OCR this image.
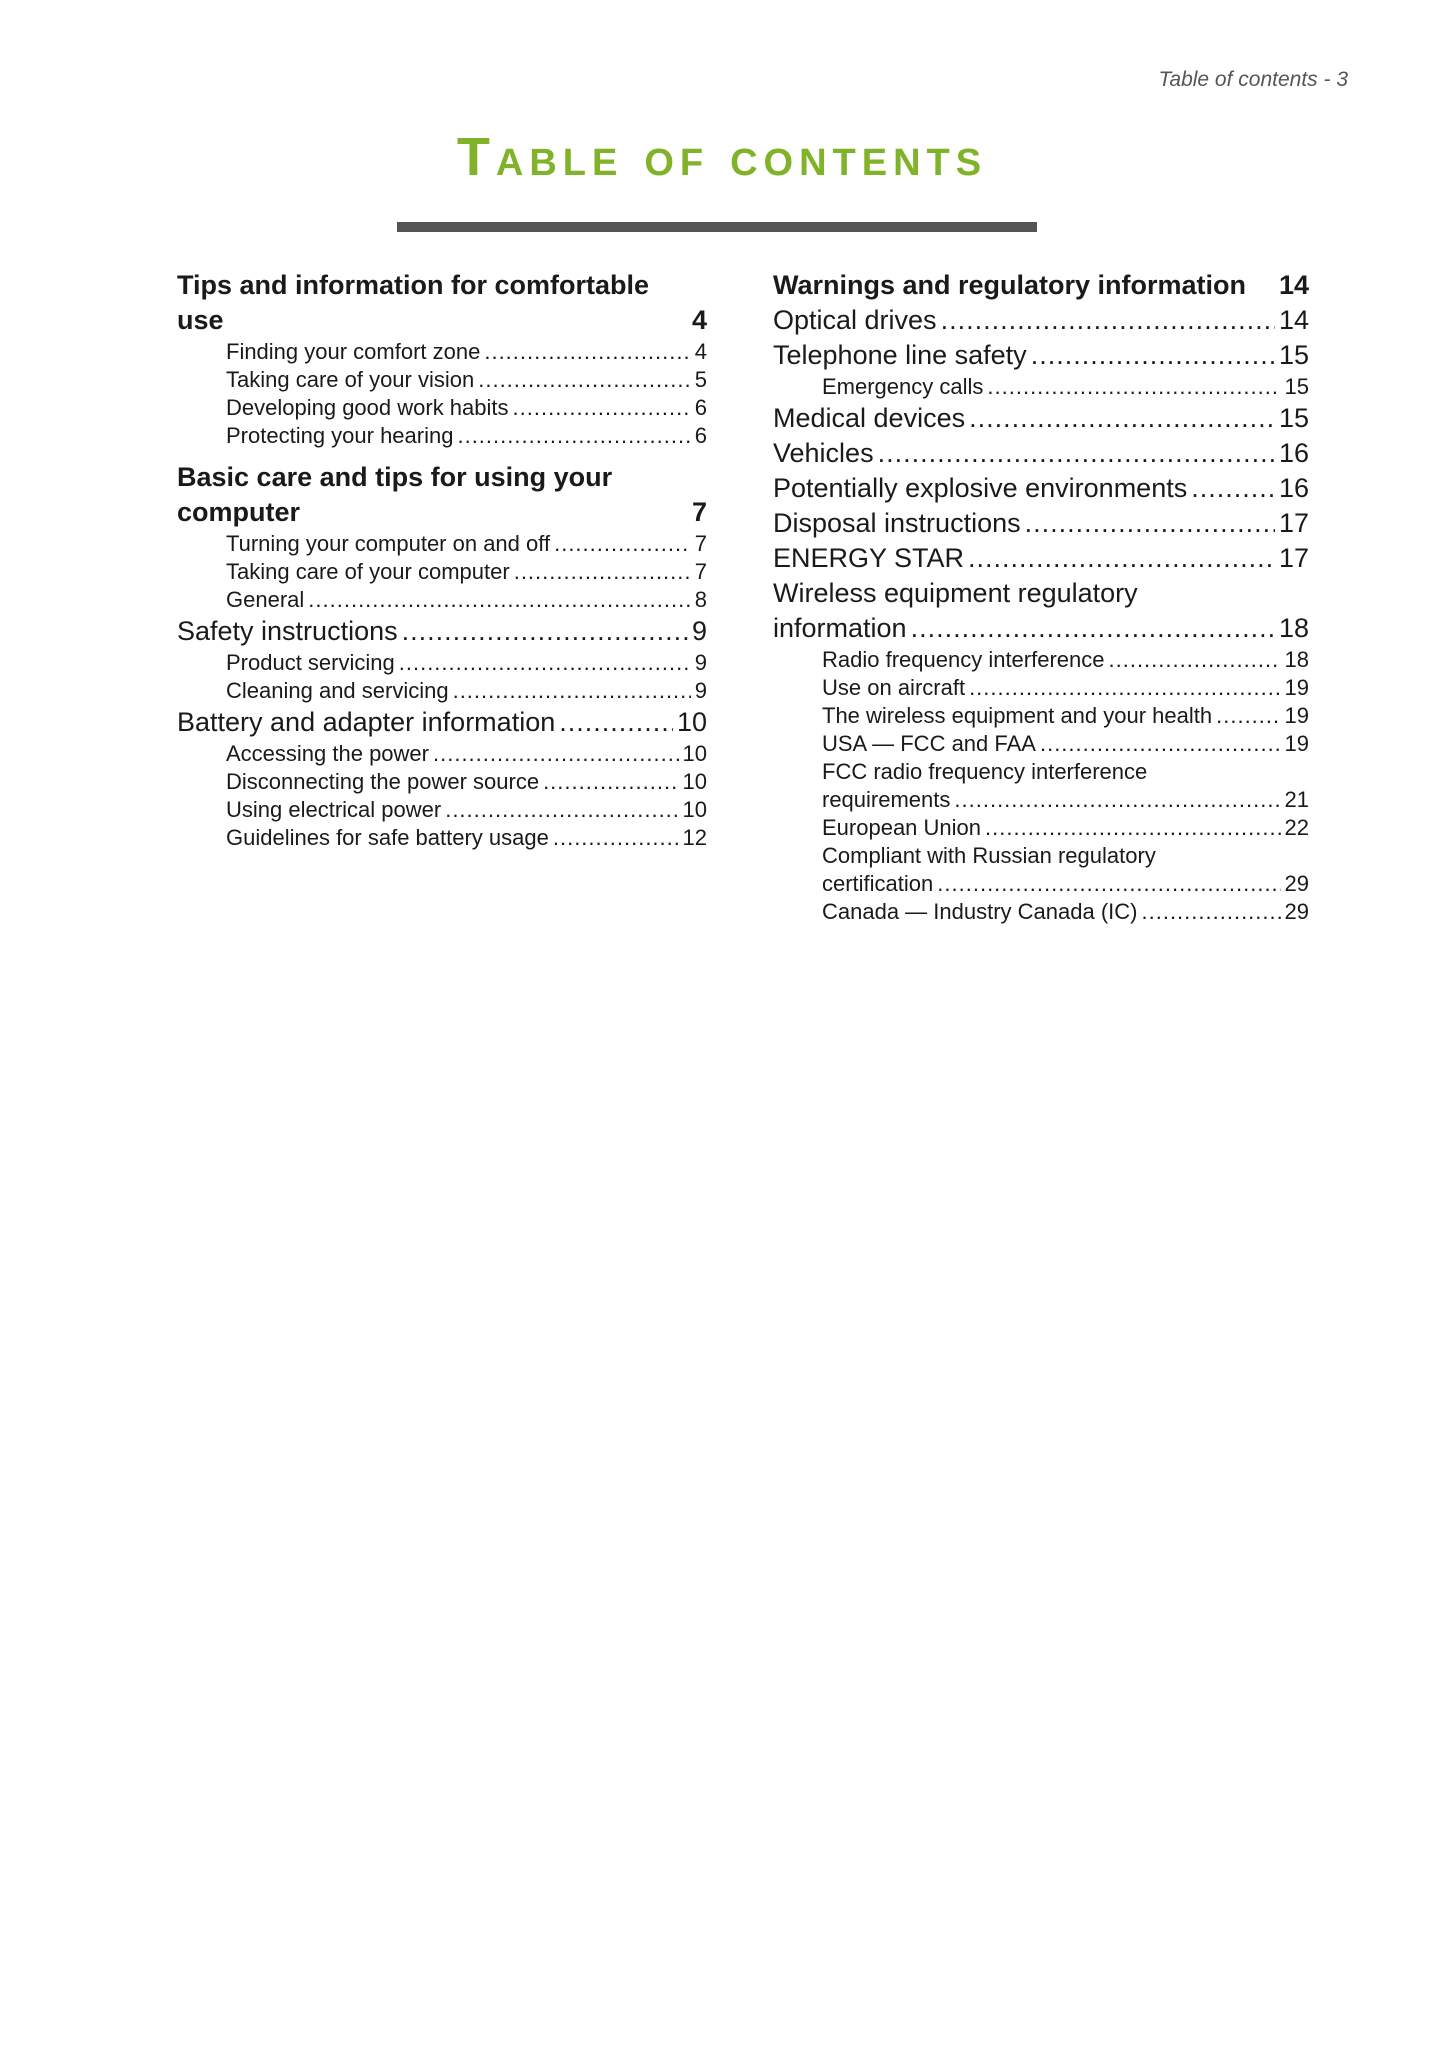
Table of contents - 3
Table of contents
Tips and information for comfortable
use	4
Finding your comfort zone .....	4
Taking care of your vision .....	5
Developing good work habits .....	6
Protecting your hearing .....	6
Basic care and tips for using your
computer	7
Turning your computer on and off .....	7
Taking care of your computer .....	7
General .....	8
Safety instructions .....	9
Product servicing .....	9
Cleaning and servicing .....	9
Battery and adapter information .....	10
Accessing the power .....	10
Disconnecting the power source .....	10
Using electrical power .....	10
Guidelines for safe battery usage .....	12
Warnings and regulatory information 14
Optical drives .....	14
Telephone line safety .....	15
Emergency calls .....	15
Medical devices .....	15
Vehicles .....	16
Potentially explosive environments .....	16
Disposal instructions .....	17
ENERGY STAR .....	17
Wireless equipment regulatory
information .....	18
Radio frequency interference .....	18
Use on aircraft .....	19
The wireless equipment and your health .....	19
USA — FCC and FAA .....	19
FCC radio frequency interference
requirements .....	21
European Union .....	22
Compliant with Russian regulatory
certification .....	29
Canada — Industry Canada (IC) .....	29
